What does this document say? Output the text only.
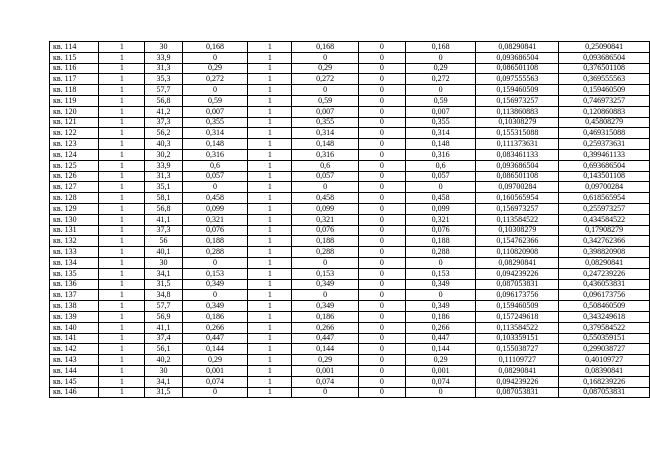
кв. 114	1	30	0,168	1	0,168	0	0,168	0,08290841	0,25090841
кв. 115	1	33,9	0	1	0	0	0	0,093686504	0,093686504
кв. 116	1	31,3	0,29	1	0,29	0	0,29	0,086501108	0,376501108
кв. 117	1	35,3	0,272	1	0,272	0	0,272	0,097555563	0,369555563
кв. 118	1	57,7	0	1	0	0	0	0,159460509	0,159460509
кв. 119	1	56,8	0,59	1	0,59	0	0,59	0,156973257	0,746973257
кв. 120	1	41,2	0,007	1	0,007	0	0,007	0,113860883	0,120860883
кв. 121	1	37,3	0,355	1	0,355	0	0,355	0,10308279	0,45808279
кв. 122	1	56,2	0,314	1	0,314	0	0,314	0,155315088	0,469315088
кв. 123	1	40,3	0,148	1	0,148	0	0,148	0,111373631	0,259373631
кв. 124	1	30,2	0,316	1	0,316	0	0,316	0,083461133	0,399461133
кв. 125	1	33,9	0,6	1	0,6	0	0,6	0,093686504	0,693686504
кв. 126	1	31,3	0,057	1	0,057	0	0,057	0,086501108	0,143501108
кв. 127	1	35,1	0	1	0	0	0	0,09700284	0,09700284
кв. 128	1	58,1	0,458	1	0,458	0	0,458	0,160565954	0,618565954
кв. 129	1	56,8	0,099	1	0,099	0	0,099	0,156973257	0,255973257
кв. 130	1	41,1	0,321	1	0,321	0	0,321	0,113584522	0,434584522
кв. 131	1	37,3	0,076	1	0,076	0	0,076	0,10308279	0,17908279
кв. 132	1	56	0,188	1	0,188	0	0,188	0,154762366	0,342762366
кв. 133	1	40,1	0,288	1	0,288	0	0,288	0,110820908	0,398820908
кв. 134	1	30	0	1	0	0	0	0,08290841	0,08290841
кв. 135	1	34,1	0,153	1	0,153	0	0,153	0,094239226	0,247239226
кв. 136	1	31,5	0,349	1	0,349	0	0,349	0,087053831	0,436053831
кв. 137	1	34,8	0	1	0	0	0	0,096173756	0,096173756
кв. 138	1	57,7	0,349	1	0,349	0	0,349	0,159460509	0,508460509
кв. 139	1	56,9	0,186	1	0,186	0	0,186	0,157249618	0,343249618
кв. 140	1	41,1	0,266	1	0,266	0	0,266	0,113584522	0,379584522
кв. 141	1	37,4	0,447	1	0,447	0	0,447	0,103359151	0,550359151
кв. 142	1	56,1	0,144	1	0,144	0	0,144	0,155038727	0,299038727
кв. 143	1	40,2	0,29	1	0,29	0	0,29	0,11109727	0,40109727
кв. 144	1	30	0,001	1	0,001	0	0,001	0,08290841	0,08390841
кв. 145	1	34,1	0,074	1	0,074	0	0,074	0,094239226	0,168239226
кв. 146	1	31,5	0	1	0	0	0	0,087053831	0,087053831
